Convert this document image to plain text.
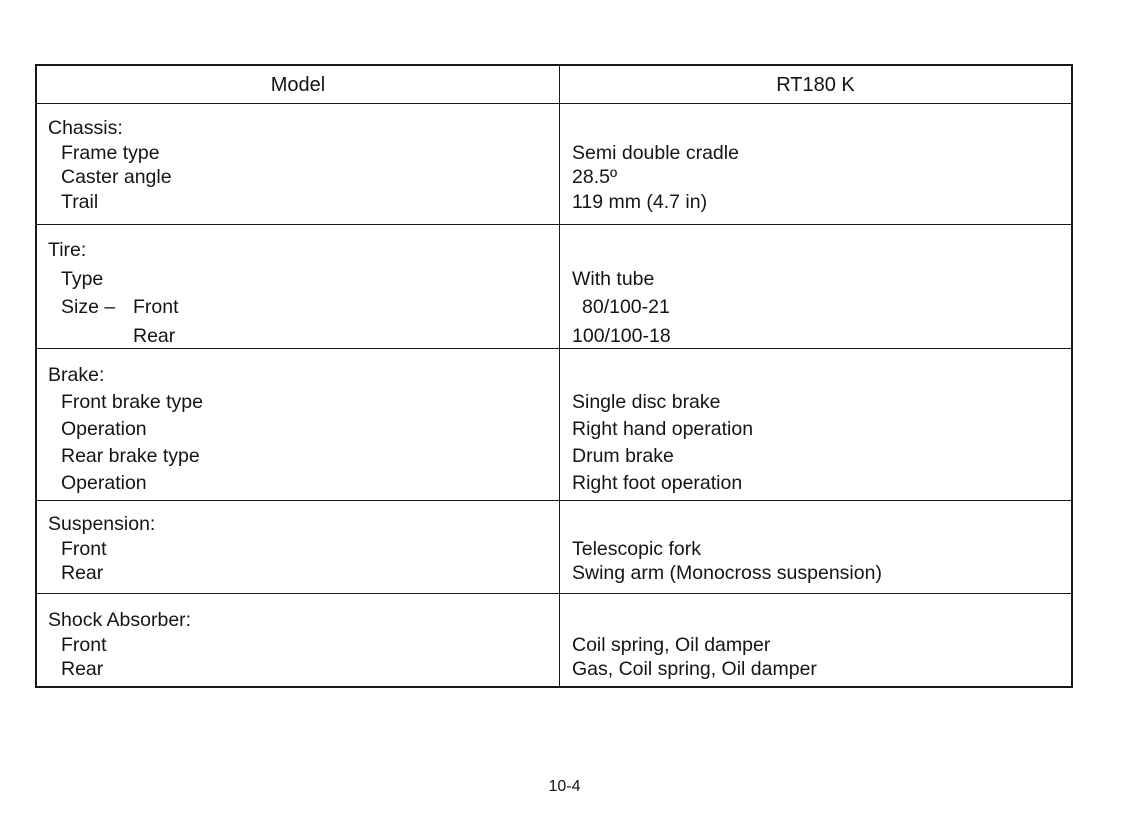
Model	RT180 K
Chassis:
Frame type
Caster angle
Trail
Semi double cradle
28.5º
119 mm (4.7 in)
Tire:
Type
Size – Front
Rear
With tube
80/100-21
100/100-18
Brake:
Front brake type
Operation
Rear brake type
Operation
Single disc brake
Right hand operation
Drum brake
Right foot operation
Suspension:
Front
Rear
Telescopic fork
Swing arm (Monocross suspension)
Shock Absorber:
Front
Rear
Coil spring, Oil damper
Gas, Coil spring, Oil damper
10-4
